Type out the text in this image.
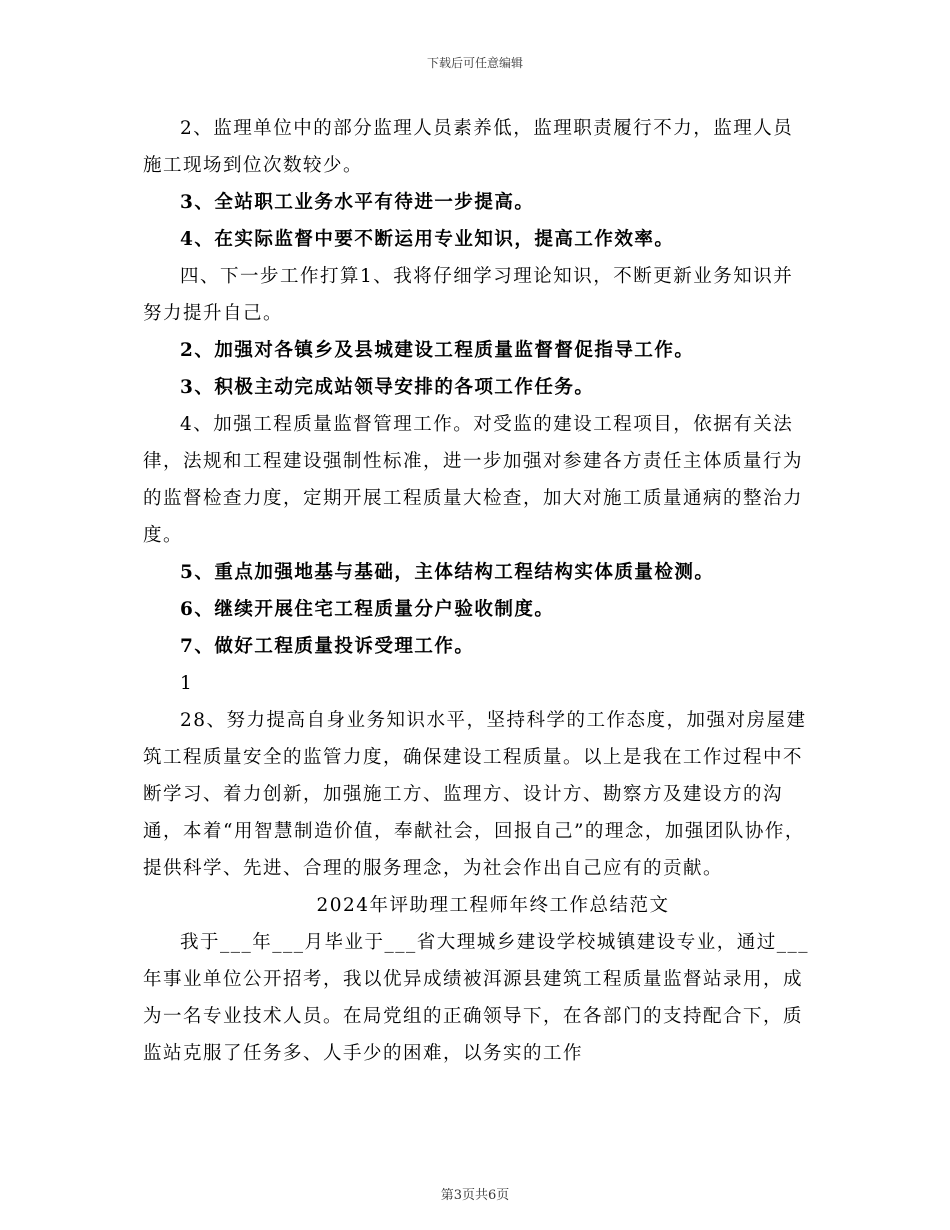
下载后可任意编辑

2、监理单位中的部分监理人员素养低，监理职责履行不力，监理人员施工现场到位次数较少。

3、全站职工业务水平有待进一步提高。

4、在实际监督中要不断运用专业知识，提高工作效率。

四、下一步工作打算1、我将仔细学习理论知识，不断更新业务知识并努力提升自己。

2、加强对各镇乡及县城建设工程质量监督督促指导工作。

3、积极主动完成站领导安排的各项工作任务。

4、加强工程质量监督管理工作。对受监的建设工程项目，依据有关法律，法规和工程建设强制性标准，进一步加强对参建各方责任主体质量行为的监督检查力度，定期开展工程质量大检查，加大对施工质量通病的整治力度。

5、重点加强地基与基础，主体结构工程结构实体质量检测。

6、继续开展住宅工程质量分户验收制度。

7、做好工程质量投诉受理工作。

1

28、努力提高自身业务知识水平，坚持科学的工作态度，加强对房屋建筑工程质量安全的监管力度，确保建设工程质量。以上是我在工作过程中不断学习、着力创新，加强施工方、监理方、设计方、勘察方及建设方的沟通，本着“用智慧制造价值，奉献社会，回报自己”的理念，加强团队协作，提供科学、先进、合理的服务理念，为社会作出自己应有的贡献。

2024年评助理工程师年终工作总结范文

我于___年___月毕业于___省大理城乡建设学校城镇建设专业，通过___年事业单位公开招考，我以优异成绩被洱源县建筑工程质量监督站录用，成为一名专业技术人员。在局党组的正确领导下，在各部门的支持配合下，质监站克服了任务多、人手少的困难，以务实的工作

第3页共6页
